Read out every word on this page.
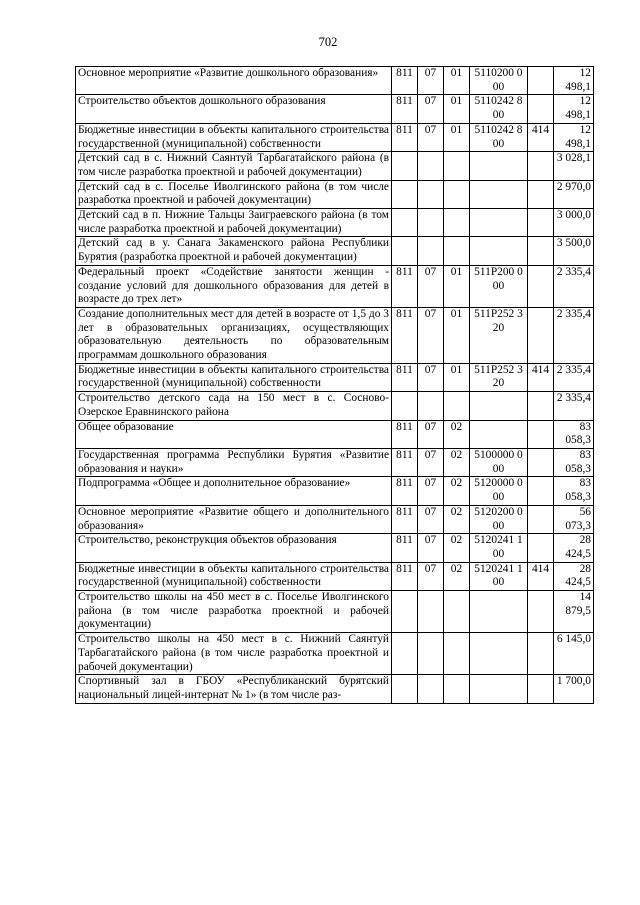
702
Основное мероприятие «Развитие дошкольного образования»	811	07	01	5110200 000		12 498,1
Строительство объектов дошкольного образования	811	07	01	5110242 800		12 498,1
Бюджетные инвестиции в объекты капитального строительства государственной (муниципальной) собственности	811	07	01	5110242 800	414	12 498,1
Детский сад в с. Нижний Саянтуй Тарбагатайского района (в том числе разработка проектной и рабочей документации)						3 028,1
Детский сад в с. Поселье Иволгинского района (в том числе разработка проектной и рабочей документации)						2 970,0
Детский сад в п. Нижние Тальцы Заиграевского района (в том числе разработка проектной и рабочей документации)						3 000,0
Детский сад в у. Санага Закаменского района Республики Бурятия (разработка проектной и рабочей документации)						3 500,0
Федеральный проект «Содействие занятости женщин - создание условий для дошкольного образования для детей в возрасте до трех лет»	811	07	01	511Р200 000		2 335,4
Создание дополнительных мест для детей в возрасте от 1,5 до 3 лет в образовательных организациях, осуществляющих образовательную деятельность по образовательным программам дошкольного образования	811	07	01	511Р252 320		2 335,4
Бюджетные инвестиции в объекты капитального строительства государственной (муниципальной) собственности	811	07	01	511Р252 320	414	2 335,4
Строительство детского сада на 150 мест в с. Сосново-Озерское Еравнинского района						2 335,4
Общее образование	811	07	02			83 058,3
Государственная программа Республики Бурятия «Развитие образования и науки»	811	07	02	5100000 000		83 058,3
Подпрограмма «Общее и дополнительное образование»	811	07	02	5120000 000		83 058,3
Основное мероприятие «Развитие общего и дополнительного образования»	811	07	02	5120200 000		56 073,3
Строительство, реконструкция объектов образования	811	07	02	5120241 100		28 424,5
Бюджетные инвестиции в объекты капитального строительства государственной (муниципальной) собственности	811	07	02	5120241 100	414	28 424,5
Строительство школы на 450 мест в с. Поселье Иволгинского района (в том числе разработка проектной и рабочей документации)						14 879,5
Строительство школы на 450 мест в с. Нижний Саянтуй Тарбагатайского района (в том числе разработка проектной и рабочей документации)						6 145,0
Спортивный зал в ГБОУ «Республиканский бурятский национальный лицей-интернат № 1» (в том числе раз-						1 700,0
